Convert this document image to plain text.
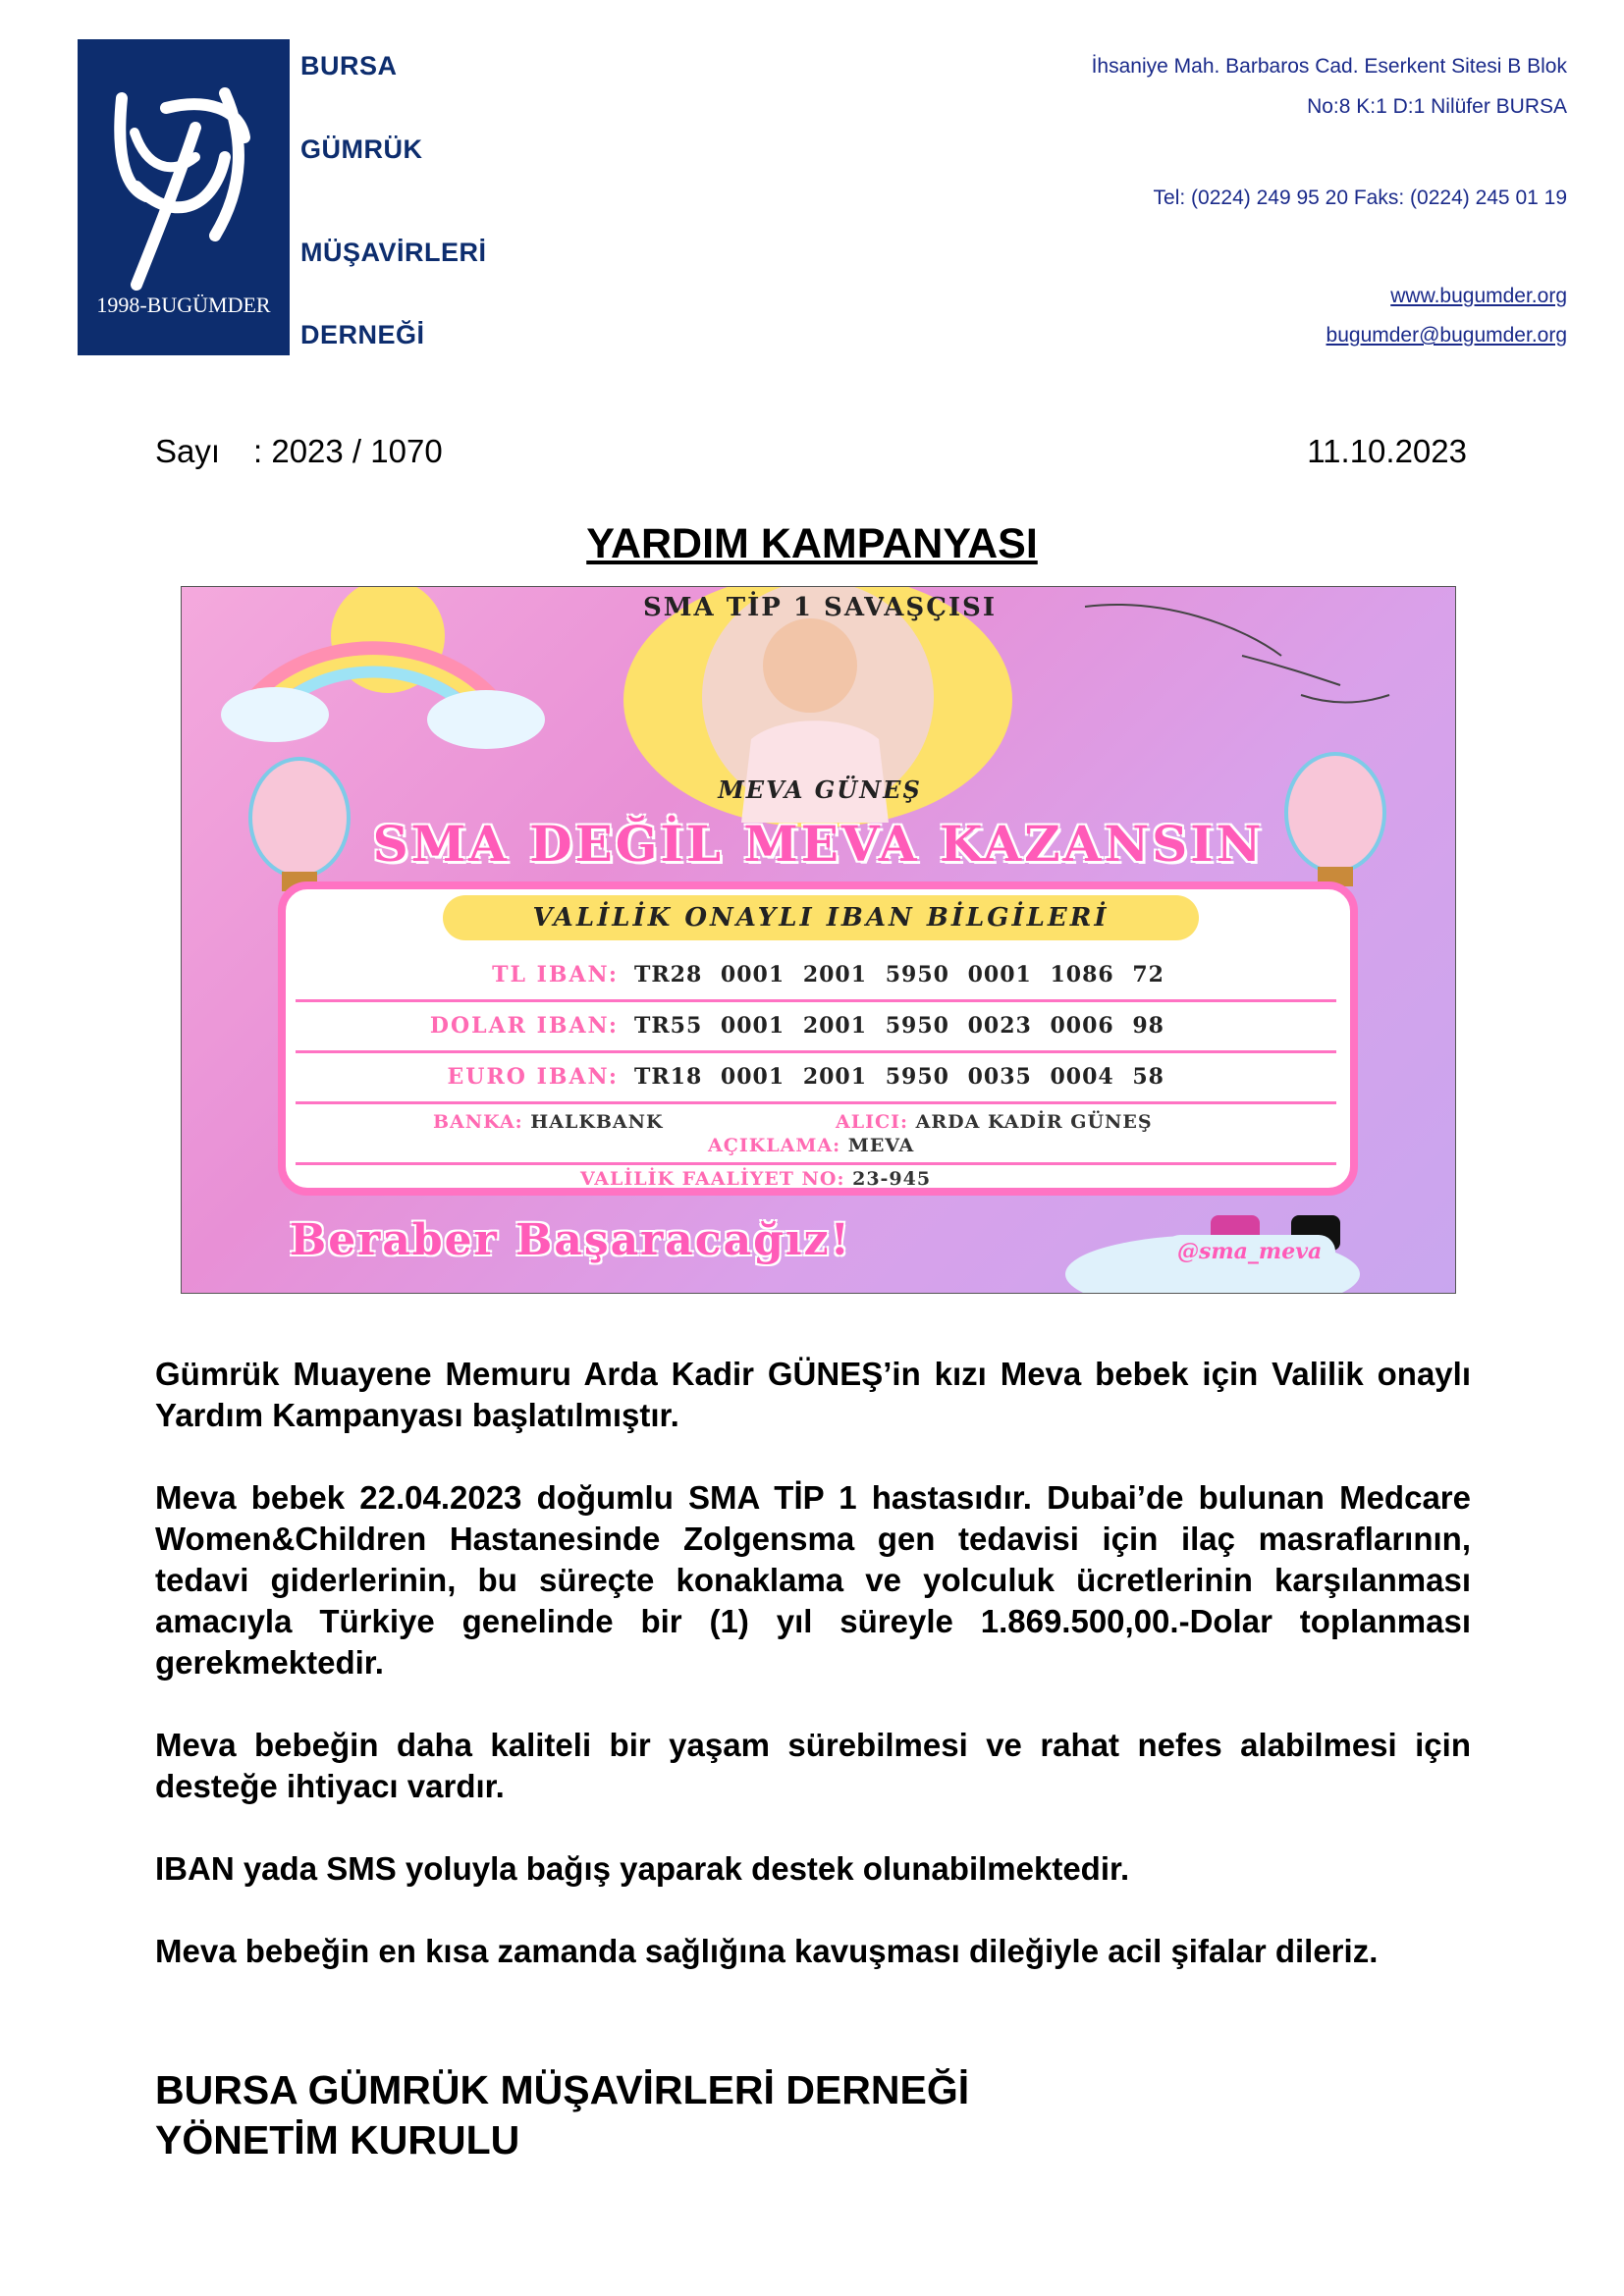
1998-BUGÜMDER
BURSA
GÜMRÜK
MÜŞAVİRLERİ
DERNEĞİ
İhsaniye Mah. Barbaros Cad. Eserkent Sitesi B Blok
No:8 K:1 D:1 Nilüfer BURSA
Tel: (0224) 249 95 20 Faks: (0224) 245 01 19
www.bugumder.org
bugumder@bugumder.org
Sayı : 2023 / 1070	11.10.2023
YARDIM KAMPANYASI
SMA TİP 1 SAVAŞÇISI
MEVA GÜNEŞ
SMA DEĞİL MEVA KAZANSIN
VALİLİK ONAYLI IBAN BİLGİLERİ
TL IBAN: TR28 0001 2001 5950 0001 1086 72
DOLAR IBAN: TR55 0001 2001 5950 0023 0006 98
EURO IBAN: TR18 0001 2001 5950 0035 0004 58
BANKA: HALKBANK	ALICI: ARDA KADİR GÜNEŞ
AÇIKLAMA: MEVA
VALİLİK FAALİYET NO: 23-945
Beraber Başaracağız!	@sma_meva
Gümrük Muayene Memuru Arda Kadir GÜNEŞ’in kızı Meva bebek için Valilik onaylı Yardım Kampanyası başlatılmıştır.
Meva bebek 22.04.2023 doğumlu SMA TİP 1 hastasıdır. Dubai’de bulunan Medcare Women&Children Hastanesinde Zolgensma gen tedavisi için ilaç masraflarının, tedavi giderlerinin, bu süreçte konaklama ve yolculuk ücretlerinin karşılanması amacıyla Türkiye genelinde bir (1) yıl süreyle 1.869.500,00.-Dolar toplanması gerekmektedir.
Meva bebeğin daha kaliteli bir yaşam sürebilmesi ve rahat nefes alabilmesi için desteğe ihtiyacı vardır.
IBAN yada SMS yoluyla bağış yaparak destek olunabilmektedir.
Meva bebeğin en kısa zamanda sağlığına kavuşması dileğiyle acil şifalar dileriz.
BURSA GÜMRÜK MÜŞAVİRLERİ DERNEĞİ
YÖNETİM KURULU
